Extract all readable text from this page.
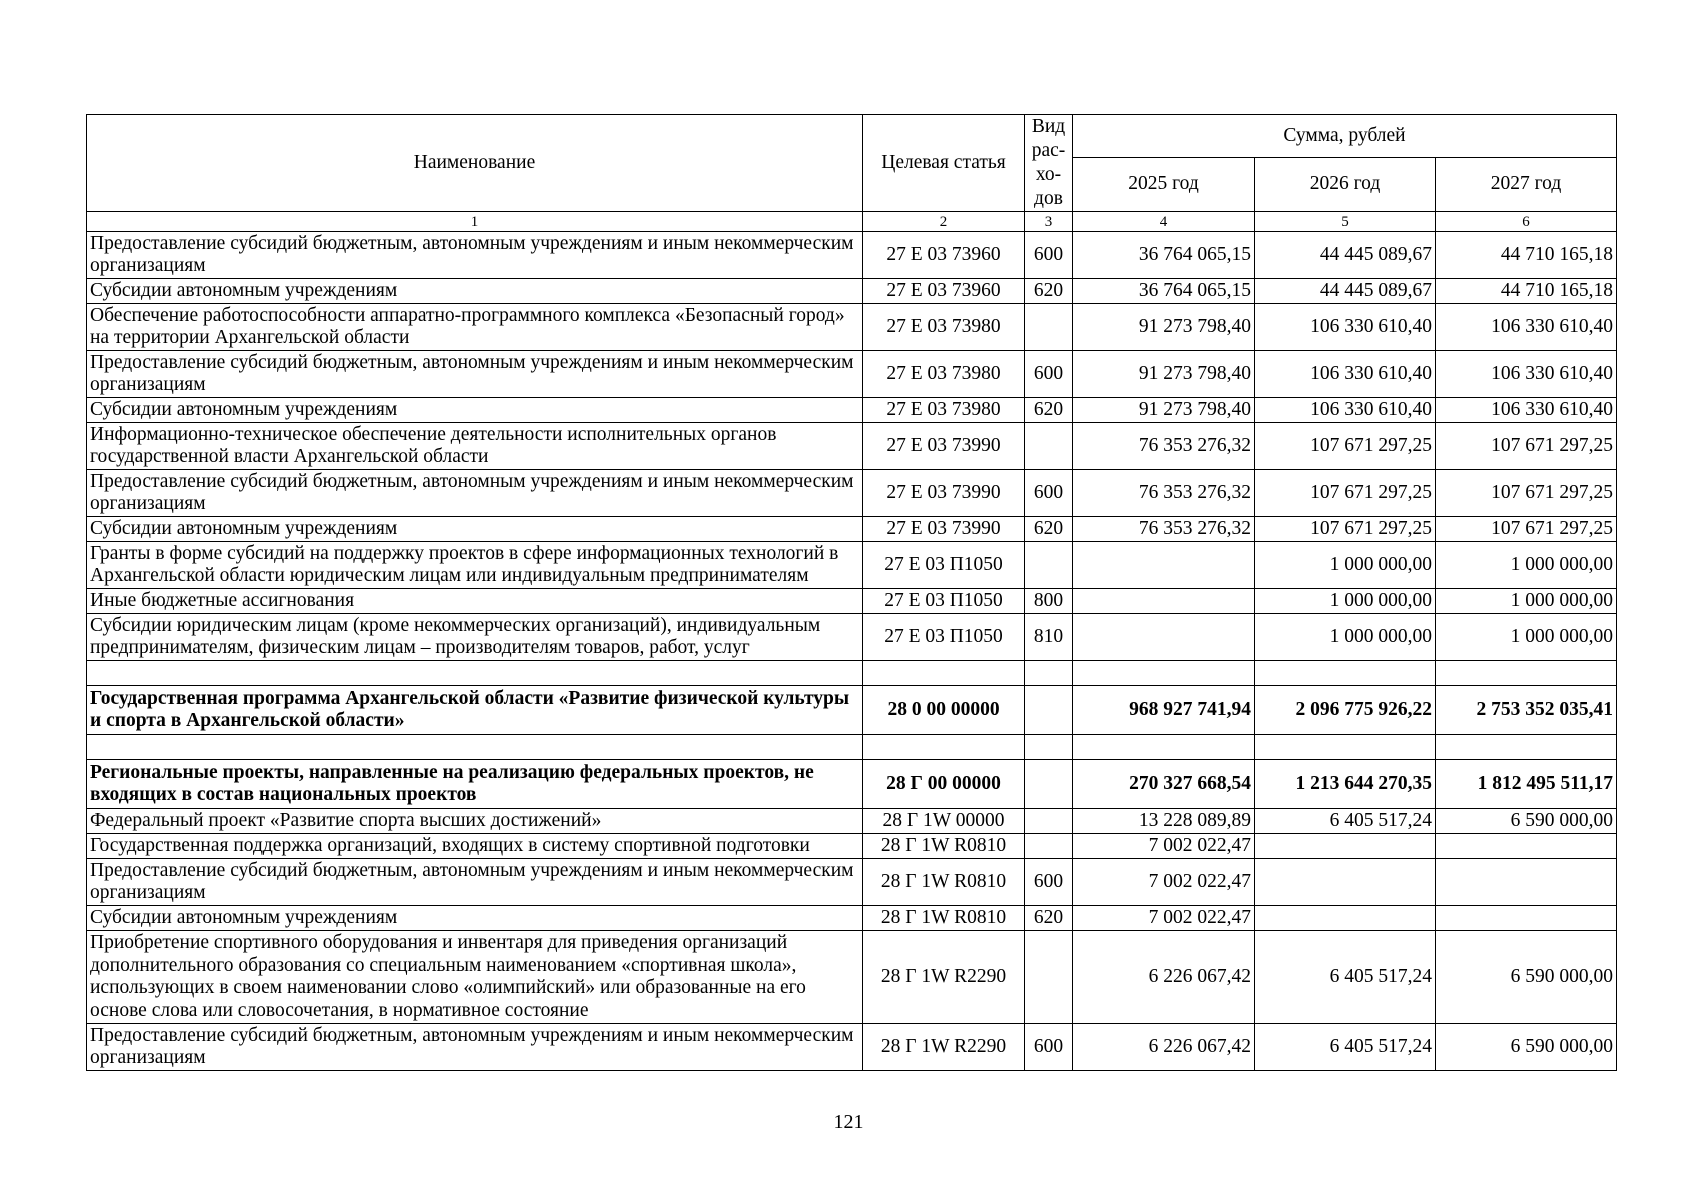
Наименование	Целевая статья	Вид рас-хо-дов	Сумма, рублей		
			2025 год	2026 год	2027 год
1	2	3	4	5	6
Предоставление субсидий бюджетным, автономным учреждениям и иным некоммерческим организациям	27 Е 03 73960	600	36 764 065,15	44 445 089,67	44 710 165,18
Субсидии автономным учреждениям	27 Е 03 73960	620	36 764 065,15	44 445 089,67	44 710 165,18
Обеспечение работоспособности аппаратно-программного комплекса «Безопасный город» на территории Архангельской области	27 Е 03 73980		91 273 798,40	106 330 610,40	106 330 610,40
Предоставление субсидий бюджетным, автономным учреждениям и иным некоммерческим организациям	27 Е 03 73980	600	91 273 798,40	106 330 610,40	106 330 610,40
Субсидии автономным учреждениям	27 Е 03 73980	620	91 273 798,40	106 330 610,40	106 330 610,40
Информационно-техническое обеспечение деятельности исполнительных органов государственной власти Архангельской области	27 Е 03 73990		76 353 276,32	107 671 297,25	107 671 297,25
Предоставление субсидий бюджетным, автономным учреждениям и иным некоммерческим организациям	27 Е 03 73990	600	76 353 276,32	107 671 297,25	107 671 297,25
Субсидии автономным учреждениям	27 Е 03 73990	620	76 353 276,32	107 671 297,25	107 671 297,25
Гранты в форме субсидий на поддержку проектов в сфере информационных технологий в Архангельской области юридическим лицам или индивидуальным предпринимателям	27 Е 03 П1050			1 000 000,00	1 000 000,00
Иные бюджетные ассигнования	27 Е 03 П1050	800		1 000 000,00	1 000 000,00
Субсидии юридическим лицам (кроме некоммерческих организаций), индивидуальным предпринимателям, физическим лицам – производителям товаров, работ, услуг	27 Е 03 П1050	810		1 000 000,00	1 000 000,00

Государственная программа Архангельской области «Развитие физической культуры и спорта в Архангельской области»	28 0 00 00000		968 927 741,94	2 096 775 926,22	2 753 352 035,41

Региональные проекты, направленные на реализацию федеральных проектов, не входящих в состав национальных проектов	28 Г 00 00000		270 327 668,54	1 213 644 270,35	1 812 495 511,17
Федеральный проект «Развитие спорта высших достижений»	28 Г 1W 00000		13 228 089,89	6 405 517,24	6 590 000,00
Государственная поддержка организаций, входящих в систему спортивной подготовки	28 Г 1W R0810		7 002 022,47		
Предоставление субсидий бюджетным, автономным учреждениям и иным некоммерческим организациям	28 Г 1W R0810	600	7 002 022,47		
Субсидии автономным учреждениям	28 Г 1W R0810	620	7 002 022,47		
Приобретение спортивного оборудования и инвентаря для приведения организаций дополнительного образования со специальным наименованием «спортивная школа», использующих в своем наименовании слово «олимпийский» или образованные на его основе слова или словосочетания, в нормативное состояние	28 Г 1W R2290		6 226 067,42	6 405 517,24	6 590 000,00
Предоставление субсидий бюджетным, автономным учреждениям и иным некоммерческим организациям	28 Г 1W R2290	600	6 226 067,42	6 405 517,24	6 590 000,00
121
